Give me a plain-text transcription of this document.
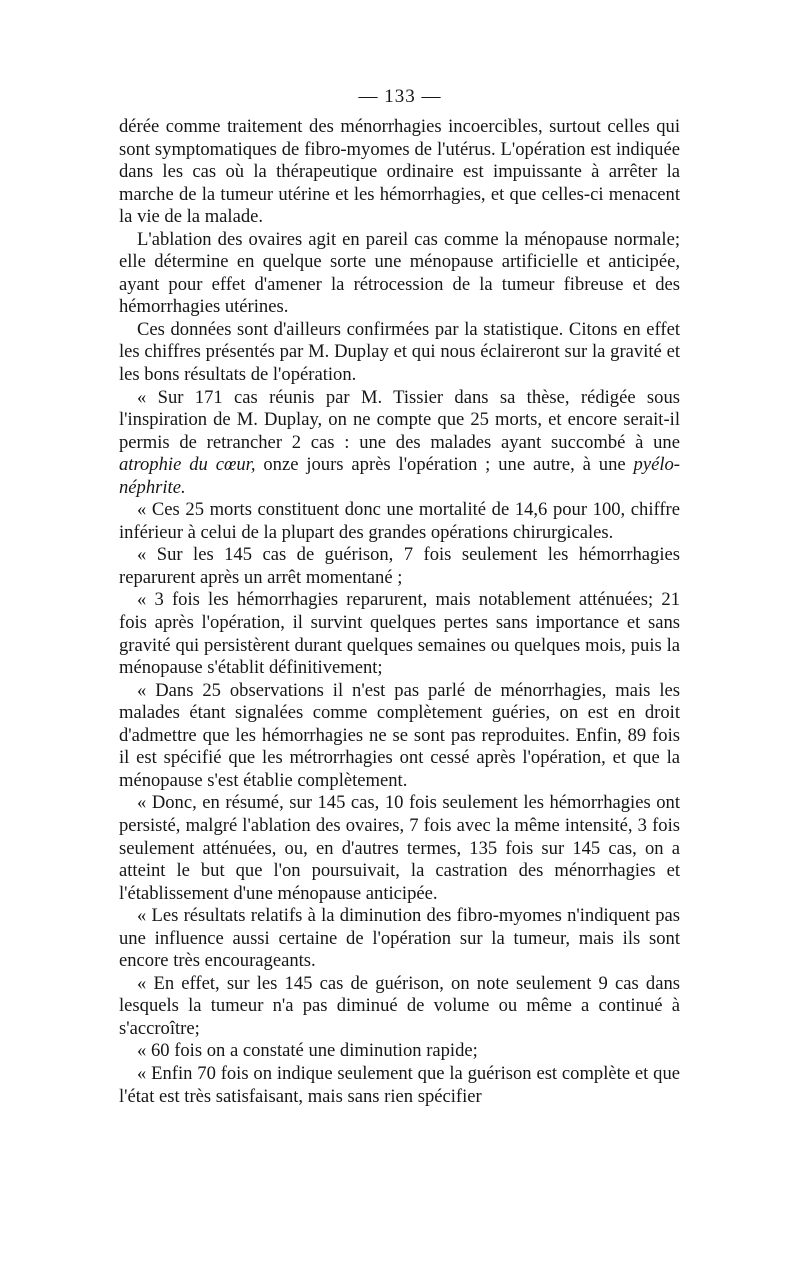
— 133 —

dérée comme traitement des ménorrhagies incoercibles, surtout celles qui sont symptomatiques de fibro-myomes de l'utérus. L'opération est indiquée dans les cas où la thérapeutique ordinaire est impuissante à arrêter la marche de la tumeur utérine et les hémorrhagies, et que celles-ci menacent la vie de la malade.

L'ablation des ovaires agit en pareil cas comme la ménopause normale; elle détermine en quelque sorte une ménopause artificielle et anticipée, ayant pour effet d'amener la rétrocession de la tumeur fibreuse et des hémorrhagies utérines.

Ces données sont d'ailleurs confirmées par la statistique. Citons en effet les chiffres présentés par M. Duplay et qui nous éclaireront sur la gravité et les bons résultats de l'opération.

« Sur 171 cas réunis par M. Tissier dans sa thèse, rédigée sous l'inspiration de M. Duplay, on ne compte que 25 morts, et encore serait-il permis de retrancher 2 cas : une des malades ayant succombé à une atrophie du cœur, onze jours après l'opération ; une autre, à une pyélo-néphrite.

« Ces 25 morts constituent donc une mortalité de 14,6 pour 100, chiffre inférieur à celui de la plupart des grandes opérations chirurgicales.

« Sur les 145 cas de guérison, 7 fois seulement les hémorrhagies reparurent après un arrêt momentané ;

« 3 fois les hémorrhagies reparurent, mais notablement atténuées; 21 fois après l'opération, il survint quelques pertes sans importance et sans gravité qui persistèrent durant quelques semaines ou quelques mois, puis la ménopause s'établit définitivement;

« Dans 25 observations il n'est pas parlé de ménorrhagies, mais les malades étant signalées comme complètement guéries, on est en droit d'admettre que les hémorrhagies ne se sont pas reproduites. Enfin, 89 fois il est spécifié que les métrorrhagies ont cessé après l'opération, et que la ménopause s'est établie complètement.

« Donc, en résumé, sur 145 cas, 10 fois seulement les hémorrhagies ont persisté, malgré l'ablation des ovaires, 7 fois avec la même intensité, 3 fois seulement atténuées, ou, en d'autres termes, 135 fois sur 145 cas, on a atteint le but que l'on poursuivait, la castration des ménorrhagies et l'établissement d'une ménopause anticipée.

« Les résultats relatifs à la diminution des fibro-myomes n'indiquent pas une influence aussi certaine de l'opération sur la tumeur, mais ils sont encore très encourageants.

« En effet, sur les 145 cas de guérison, on note seulement 9 cas dans lesquels la tumeur n'a pas diminué de volume ou même a continué à s'accroître;

« 60 fois on a constaté une diminution rapide;

« Enfin 70 fois on indique seulement que la guérison est complète et que l'état est très satisfaisant, mais sans rien spécifier
